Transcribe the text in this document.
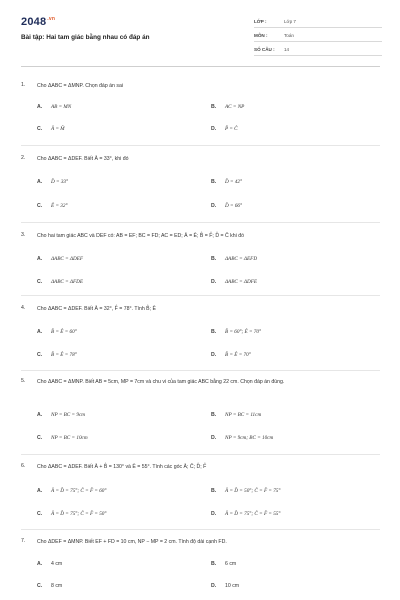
$2048^{.vn}$
Bài tập: Hai tam giác bằng nhau có đáp án
LỚP :	Lớp 7
MÔN :	Toán
SỐ CÂU : 14
1. Cho ΔABC = ΔMNP. Chọn đáp án sai
A. AB = MN	B. AC = NP
C. Â = M̂	D. P̂ = Ĉ
2. Cho ΔABC = ΔDEF. Biết Â = 33°, khi đó
A. D̂ = 33°	B. D̂ = 42°
C. Ê = 32°	D. D̂ = 66°
3. Cho hai tam giác ABC và DEF có: AB = EF; BC = FD; AC = ED; Â = Ê; B̂ = F̂; D̂ = Ĉ khi đó
A. ΔABC = ΔDEF	B. ΔABC = ΔEFD
C. ΔABC = ΔFDE	D. ΔABC = ΔDFE
4. Cho ΔABC = ΔDEF. Biết Â = 32°, F̂ = 78°. Tính B̂; Ê
A. B̂ = Ê = 60°	B. B̂ = 60°; Ê = 70°
C. B̂ = Ê = 78°	D. B̂ = Ê = 70°
5. Cho ΔABC = ΔMNP. Biết AB = 5cm, MP = 7cm và chu vi của tam giác ABC bằng 22 cm. Chọn đáp án đúng.
A. NP = BC = 9cm	B. NP = BC = 11cm
C. NP = BC = 10cm	D. NP = 9cm; BC = 10cm
6. Cho ΔABC = ΔDEF. Biết Â + B̂ = 130° và Ê = 55°. Tính các góc Â; Ĉ; D̂; F̂
A. Â = D̂ = 75°; Ĉ = F̂ = 60°	B. Â = D̂ = 50°; Ĉ = F̂ = 75°
C. Â = D̂ = 75°; Ĉ = F̂ = 50°	D. Â = D̂ = 75°; Ĉ = F̂ = 55°
7. Cho ΔDEF = ΔMNP. Biết EF + FD = 10 cm, NP − MP = 2 cm. Tính độ dài cạnh FD.
A. 4 cm	B. 6 cm
C. 8 cm	D. 10 cm
